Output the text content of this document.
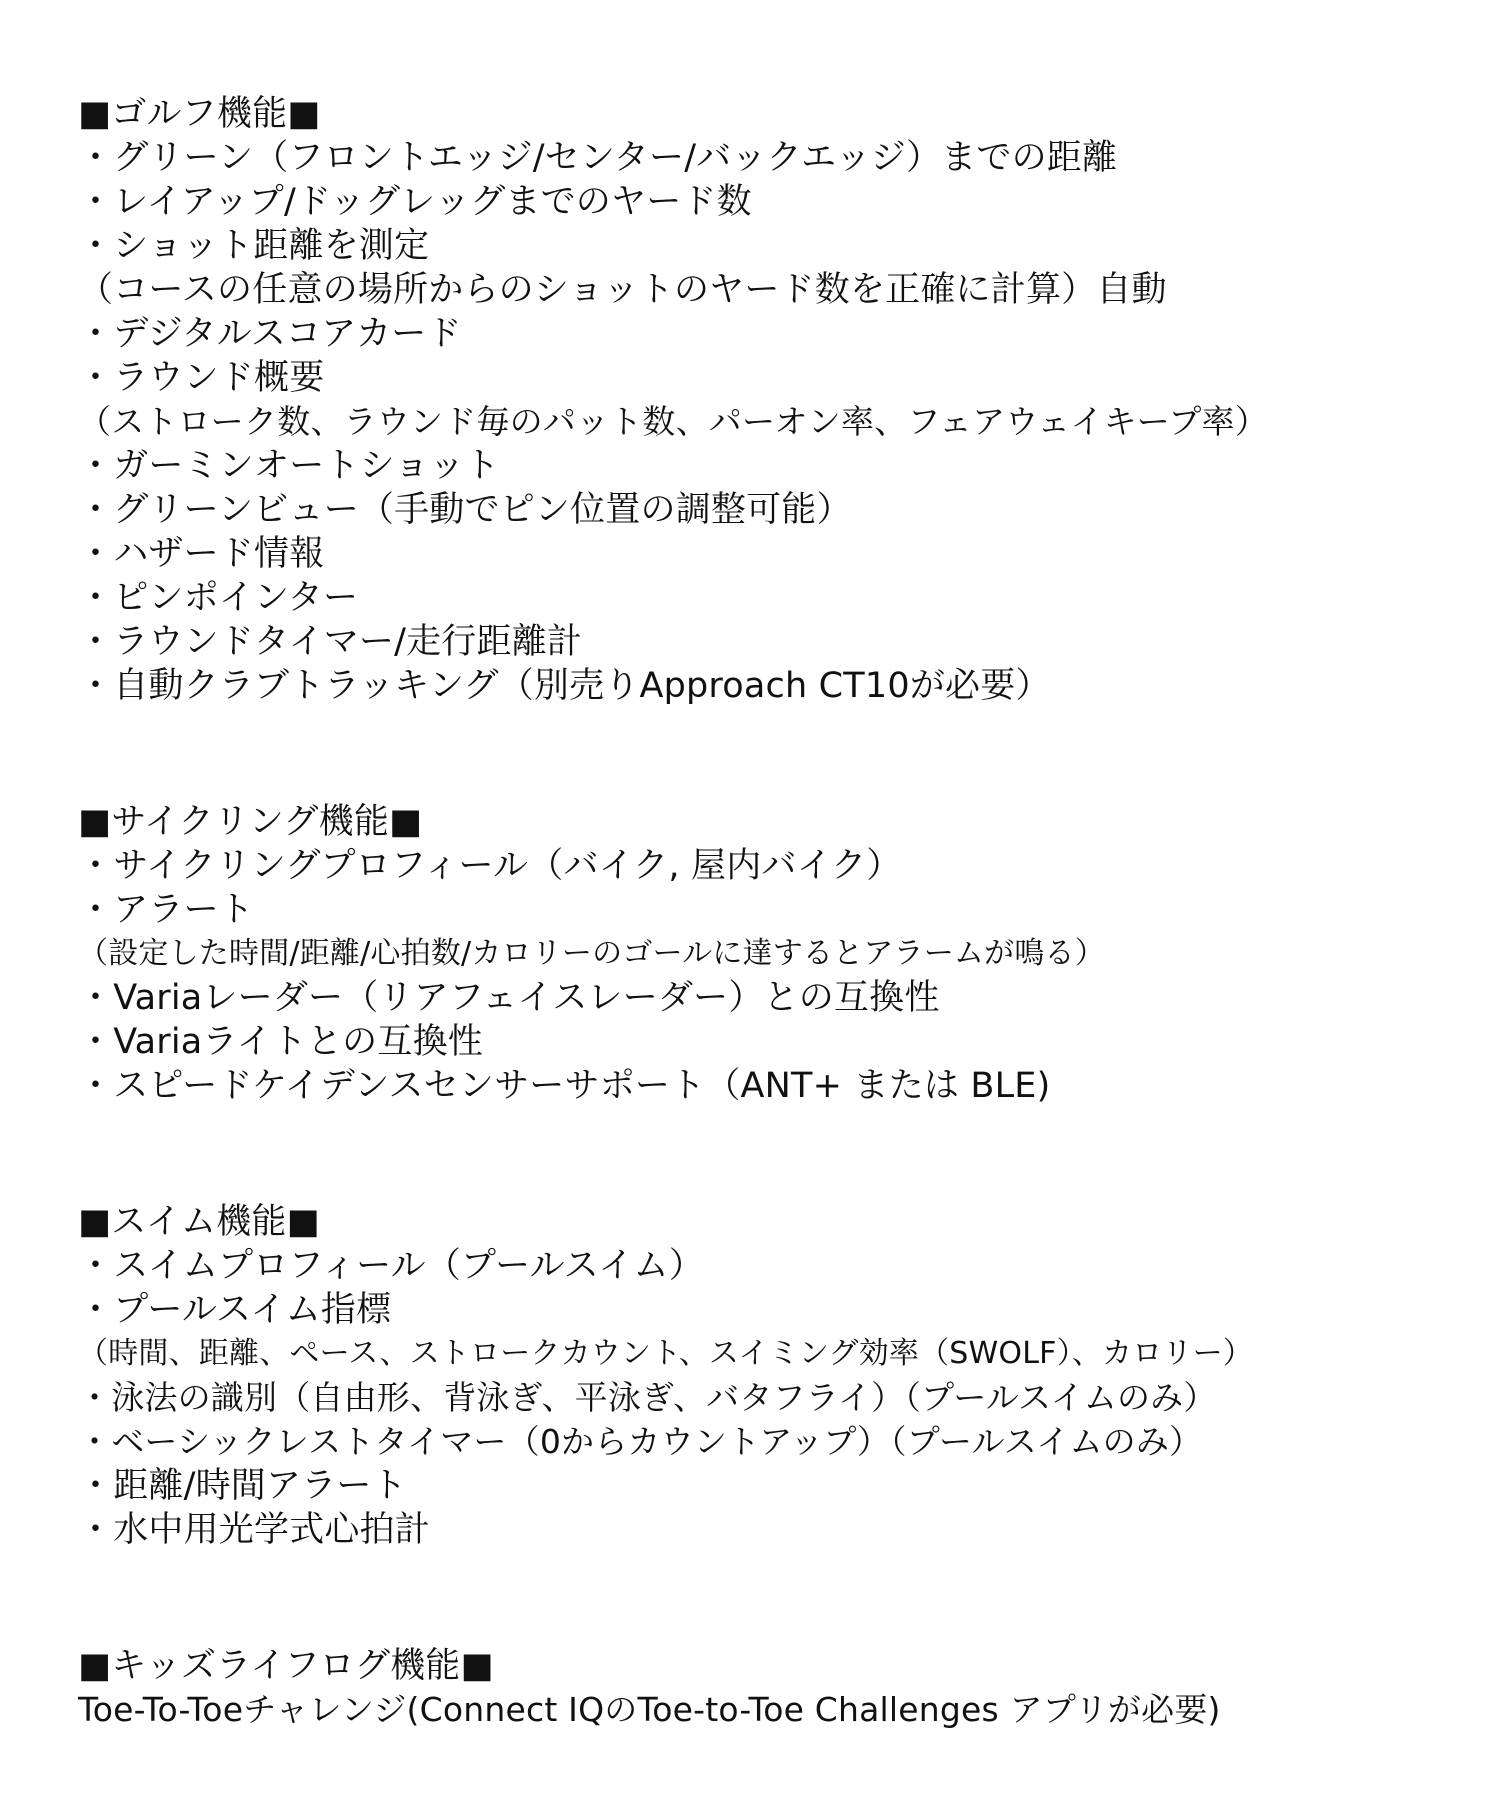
■ゴルフ機能■
・グリーン（フロントエッジ/センター/バックエッジ）までの距離
・レイアップ/ドッグレッグまでのヤード数
・ショット距離を測定
（コースの任意の場所からのショットのヤード数を正確に計算）自動
・デジタルスコアカード
・ラウンド概要
（ストローク数、ラウンド毎のパット数、パーオン率、フェアウェイキープ率）
・ガーミンオートショット
・グリーンビュー（手動でピン位置の調整可能）
・ハザード情報
・ピンポインター
・ラウンドタイマー/走行距離計
・自動クラブトラッキング（別売りApproach CT10が必要）
■サイクリング機能■
・サイクリングプロフィール（バイク, 屋内バイク）
・アラート
（設定した時間/距離/心拍数/カロリーのゴールに達するとアラームが鳴る）
・Variaレーダー（リアフェイスレーダー）との互換性
・Variaライトとの互換性
・スピードケイデンスセンサーサポート（ANT+ または BLE)
■スイム機能■
・スイムプロフィール（プールスイム）
・プールスイム指標
（時間、距離、ペース、ストロークカウント、スイミング効率（SWOLF）、カロリー）
・泳法の識別（自由形、背泳ぎ、平泳ぎ、バタフライ）（プールスイムのみ）
・ベーシックレストタイマー（0からカウントアップ）（プールスイムのみ）
・距離/時間アラート
・水中用光学式心拍計
■キッズライフログ機能■
Toe-To-Toeチャレンジ(Connect IQのToe-to-Toe Challenges アプリが必要)
